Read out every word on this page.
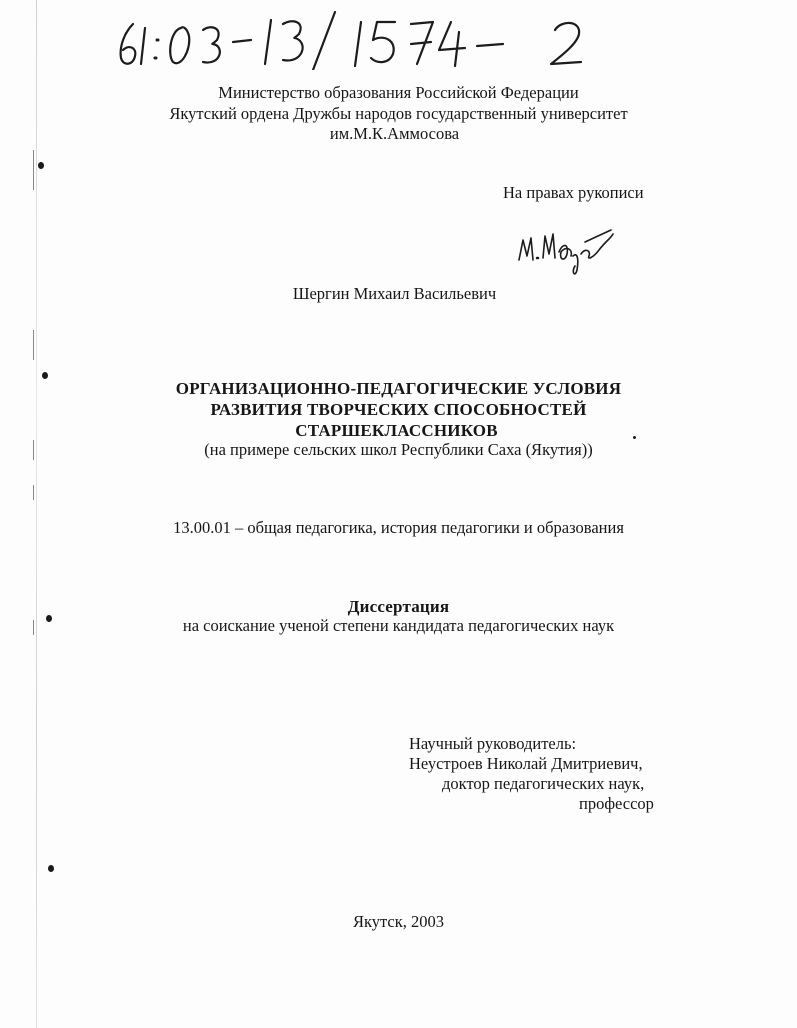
Министерство образования Российской Федерации
Якутский ордена Дружбы народов государственный университет
им.М.К.Аммосова
На правах рукописи
Шергин Михаил Васильевич
ОРГАНИЗАЦИОННО-ПЕДАГОГИЧЕСКИЕ УСЛОВИЯ
РАЗВИТИЯ ТВОРЧЕСКИХ СПОСОБНОСТЕЙ
СТАРШЕКЛАССНИКОВ
(на примере сельских школ Республики Саха (Якутия))
13.00.01 – общая педагогика, история педагогики и образования
Диссертация
на соискание ученой степени кандидата педагогических наук
Научный руководитель:
Неустроев Николай Дмитриевич,
доктор педагогических наук,
профессор
Якутск, 2003
